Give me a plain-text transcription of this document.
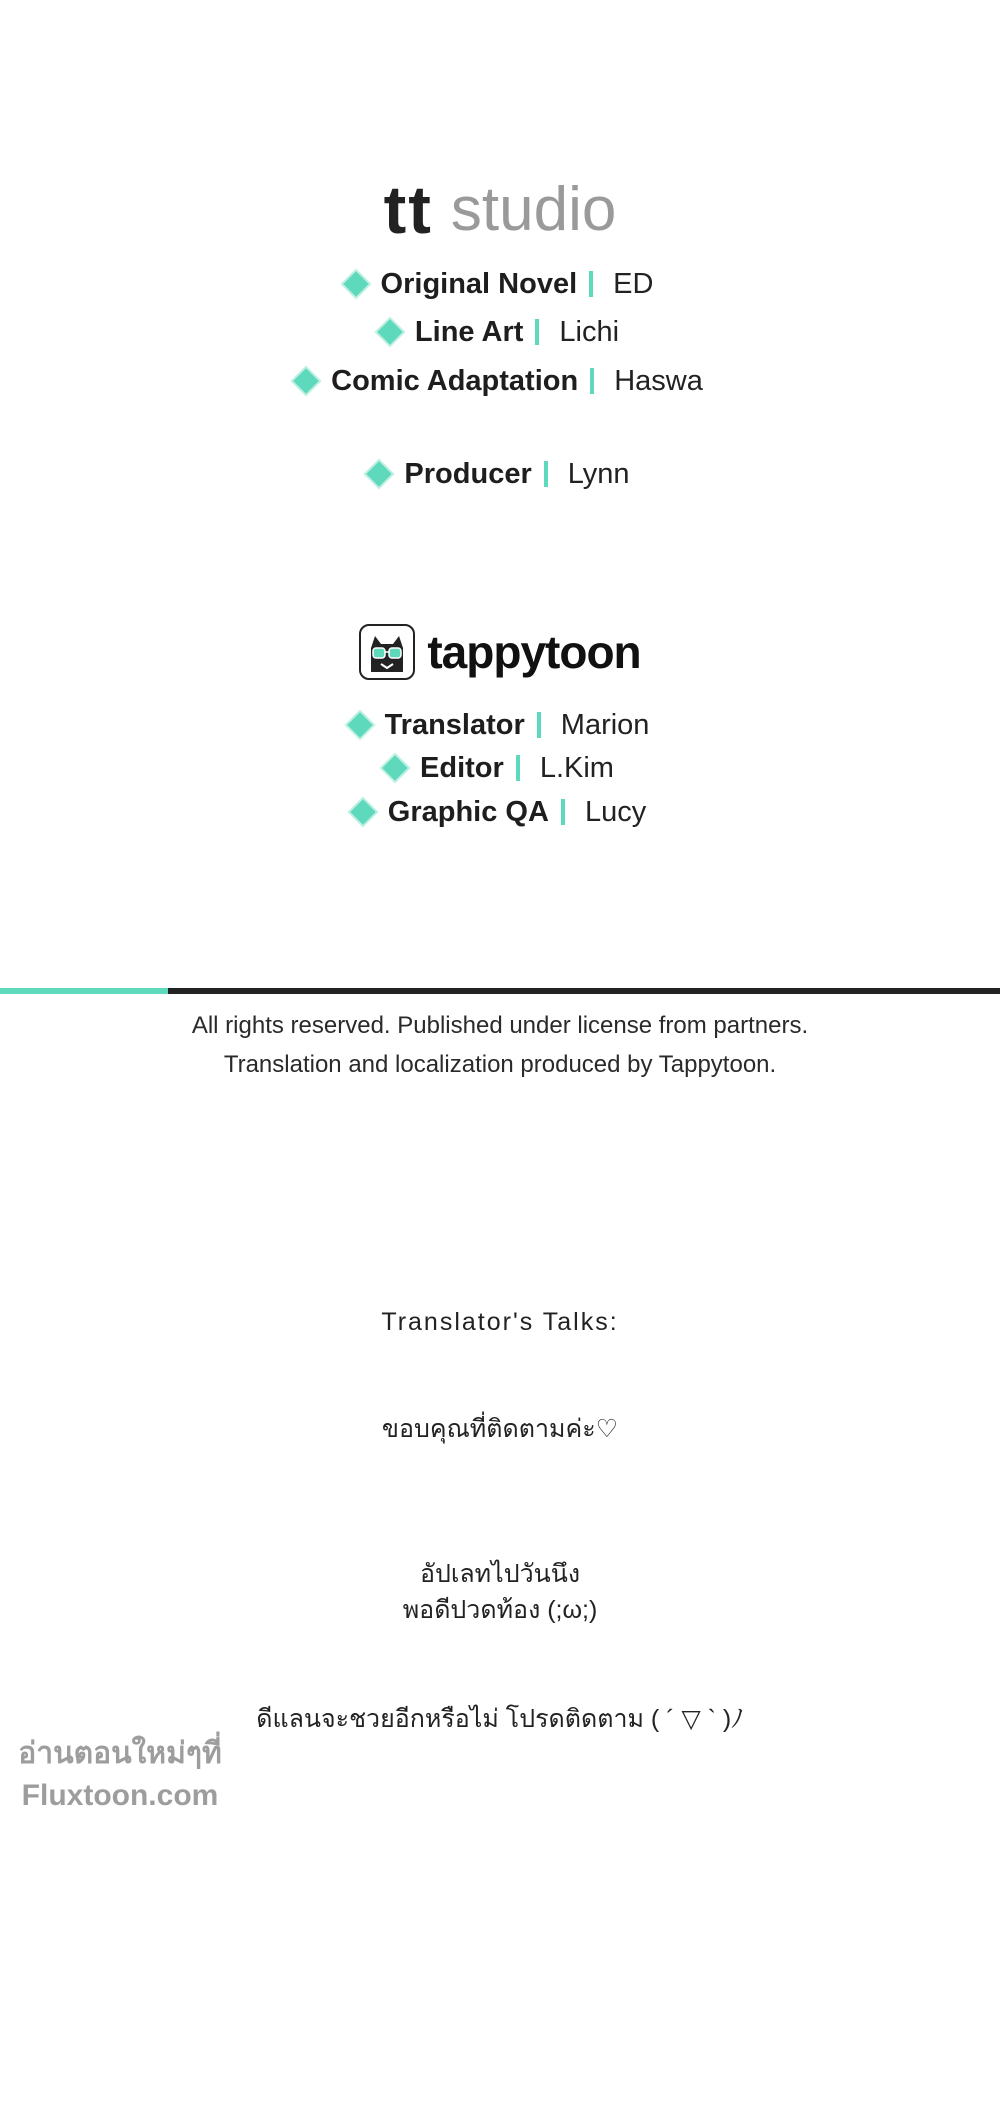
tt studio
Original Novel ED
Line Art Lichi
Comic Adaptation Haswa
Producer Lynn
tappytoon
Translator Marion
Editor L.Kim
Graphic QA Lucy
All rights reserved. Published under license from partners.
Translation and localization produced by Tappytoon.
Translator's Talks:
ขอบคุณที่ติดตามค่ะ♡
อัปเลทไปวันนึง
พอดีปวดท้อง (;ω;)
ดีแลนจะชวยอีกหรือไม่ โปรดติดตาม ( ´ ▽ ` )ﾉ
อ่านตอนใหม่ๆที่
Fluxtoon.com
